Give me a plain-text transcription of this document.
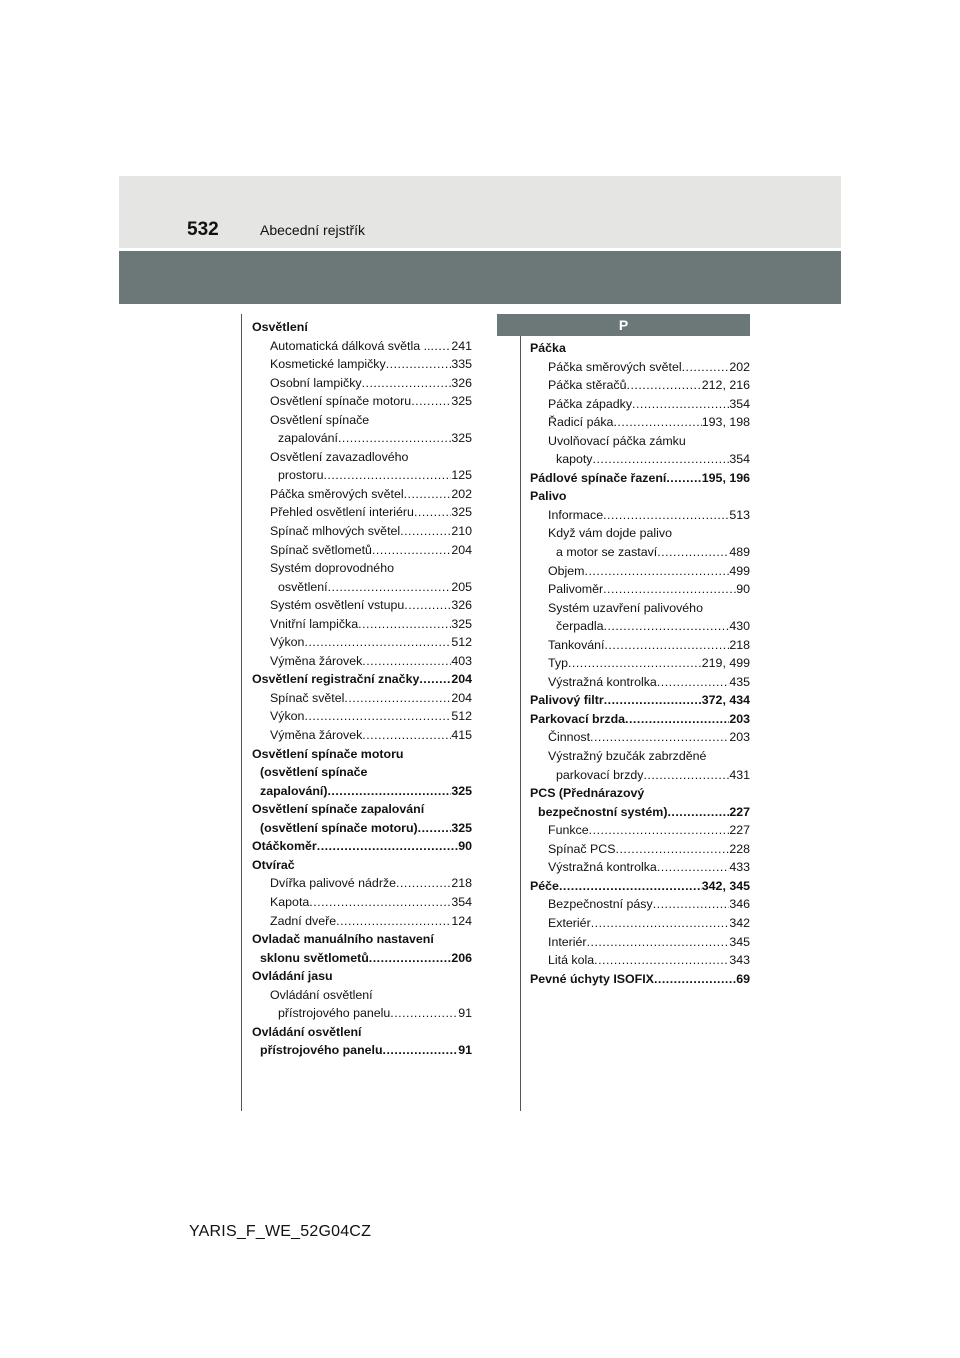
532	Abecední rejstřík
P
Osvětlení
Automatická dálková světla .. ..... 241
Kosmetické lampičky .....	335
Osobní lampičky .....	326
Osvětlení spínače motoru .....	325
Osvětlení spínače
zapalování .....	325
Osvětlení zavazadlového
prostoru .....	125
Páčka směrových světel .....	202
Přehled osvětlení interiéru .....	325
Spínač mlhových světel .....	210
Spínač světlometů .....	204
Systém doprovodného
osvětlení .....	205
Systém osvětlení vstupu .....	326
Vnitřní lampička .....	325
Výkon .....	512
Výměna žárovek .....	403
Osvětlení registrační značky .....	204
Spínač světel .....	204
Výkon .....	512
Výměna žárovek .....	415
Osvětlení spínače motoru
(osvětlení spínače
zapalování) .....	325
Osvětlení spínače zapalování
(osvětlení spínače motoru) .....	325
Otáčkoměr .....	90
Otvírač
Dvířka palivové nádrže .....	218
Kapota .....	354
Zadní dveře .....	124
Ovladač manuálního nastavení
sklonu světlometů .....	206
Ovládání jasu
Ovládání osvětlení
přístrojového panelu .....	91
Ovládání osvětlení
přístrojového panelu .....	91
Páčka
Páčka směrových světel .....	202
Páčka stěračů .....	212, 216
Páčka západky .....	354
Řadicí páka .....	193, 198
Uvolňovací páčka zámku
kapoty .....	354
Pádlové spínače řazení .....	195, 196
Palivo
Informace .....	513
Když vám dojde palivo
a motor se zastaví .....	489
Objem .....	499
Palivoměr .....	90
Systém uzavření palivového
čerpadla .....	430
Tankování .....	218
Typ .....	219, 499
Výstražná kontrolka .....	435
Palivový filtr .....	372, 434
Parkovací brzda .....	203
Činnost .....	203
Výstražný bzučák zabrzděné
parkovací brzdy .....	431
PCS (Přednárazový
bezpečnostní systém) .....	227
Funkce .....	227
Spínač PCS .....	228
Výstražná kontrolka .....	433
Péče .....	342, 345
Bezpečnostní pásy .....	346
Exteriér .....	342
Interiér .....	345
Litá kola .....	343
Pevné úchyty ISOFIX .....	69
YARIS_F_WE_52G04CZ
